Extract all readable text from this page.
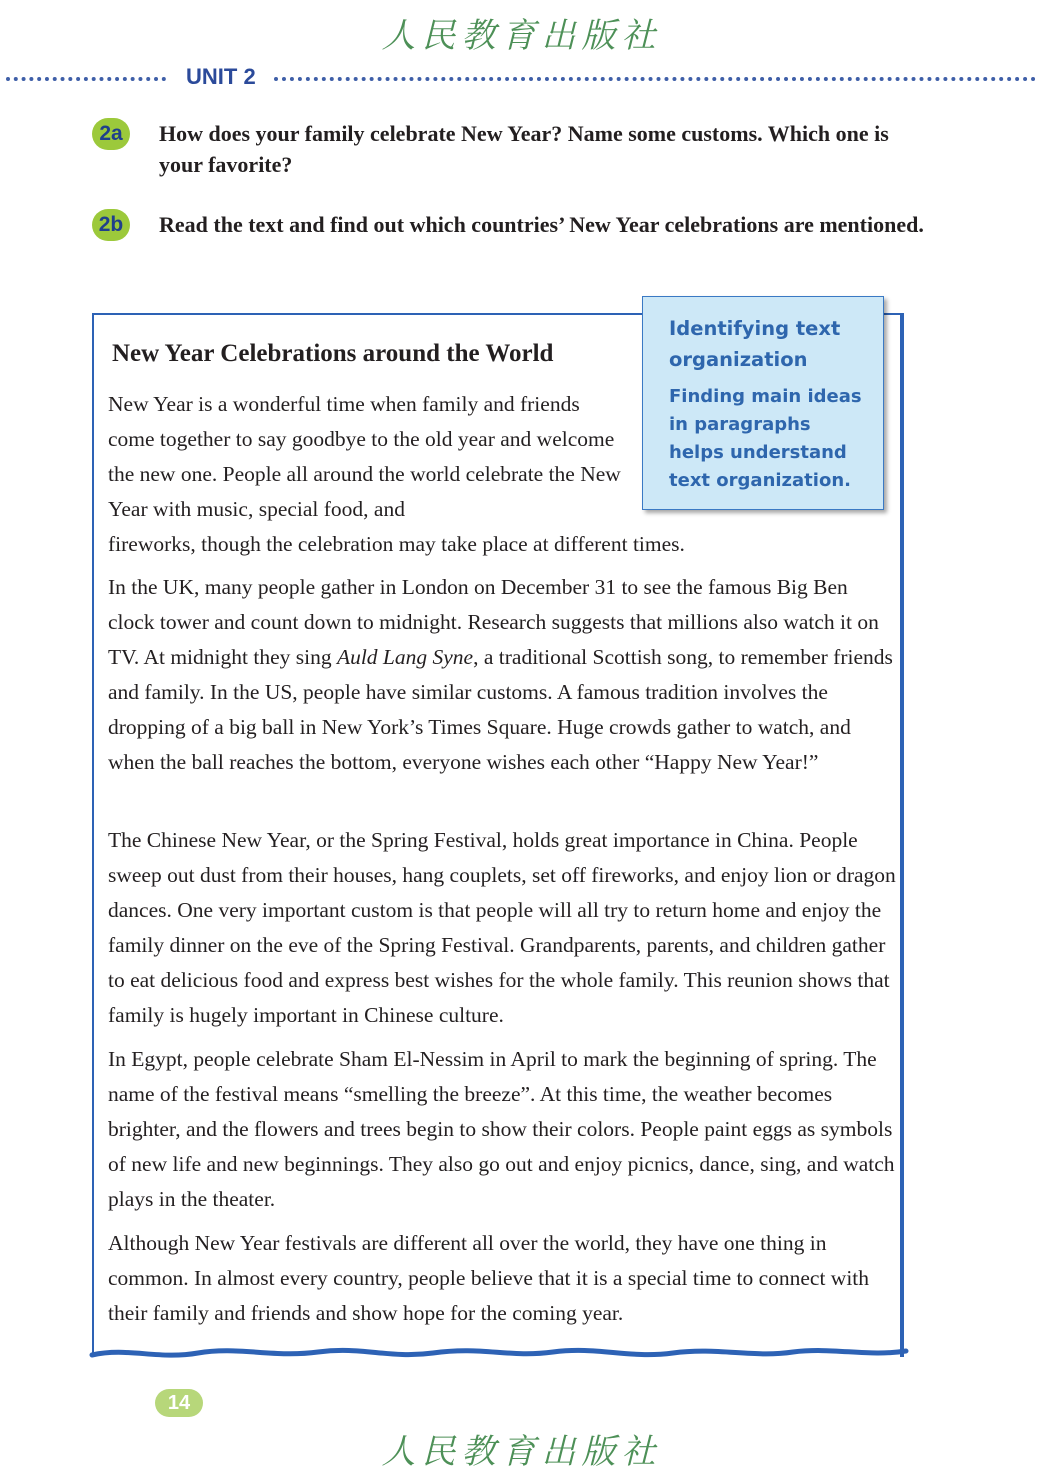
人民教育出版社
UNIT 2
2a	How does your family celebrate New Year? Name some customs. Which one is your favorite?
2b	Read the text and find out which countries’ New Year celebrations are mentioned.
New Year Celebrations around the World

New Year is a wonderful time when family and friends come together to say goodbye to the old year and welcome the new one. People all around the world celebrate the New Year with music, special food, and
fireworks, though the celebration may take place at different times.

In the UK, many people gather in London on December 31 to see the famous Big Ben clock tower and count down to midnight. Research suggests that millions also watch it on TV. At midnight they sing Auld Lang Syne, a traditional Scottish song, to remember friends and family. In the US, people have similar customs. A famous tradition involves the dropping of a big ball in New York’s Times Square. Huge crowds gather to watch, and when the ball reaches the bottom, everyone wishes each other “Happy New Year!”

The Chinese New Year, or the Spring Festival, holds great importance in China. People sweep out dust from their houses, hang couplets, set off fireworks, and enjoy lion or dragon dances. One very important custom is that people will all try to return home and enjoy the family dinner on the eve of the Spring Festival. Grandparents, parents, and children gather to eat delicious food and express best wishes for the whole family. This reunion shows that family is hugely important in Chinese culture.

In Egypt, people celebrate Sham El-Nessim in April to mark the beginning of spring. The name of the festival means “smelling the breeze”. At this time, the weather becomes brighter, and the flowers and trees begin to show their colors. People paint eggs as symbols of new life and new beginnings. They also go out and enjoy picnics, dance, sing, and watch plays in the theater.

Although New Year festivals are different all over the world, they have one thing in common. In almost every country, people believe that it is a special time to connect with their family and friends and show hope for the coming year.

Identifying text organization

Finding main ideas in paragraphs helps understand text organization.

14
人民教育出版社
